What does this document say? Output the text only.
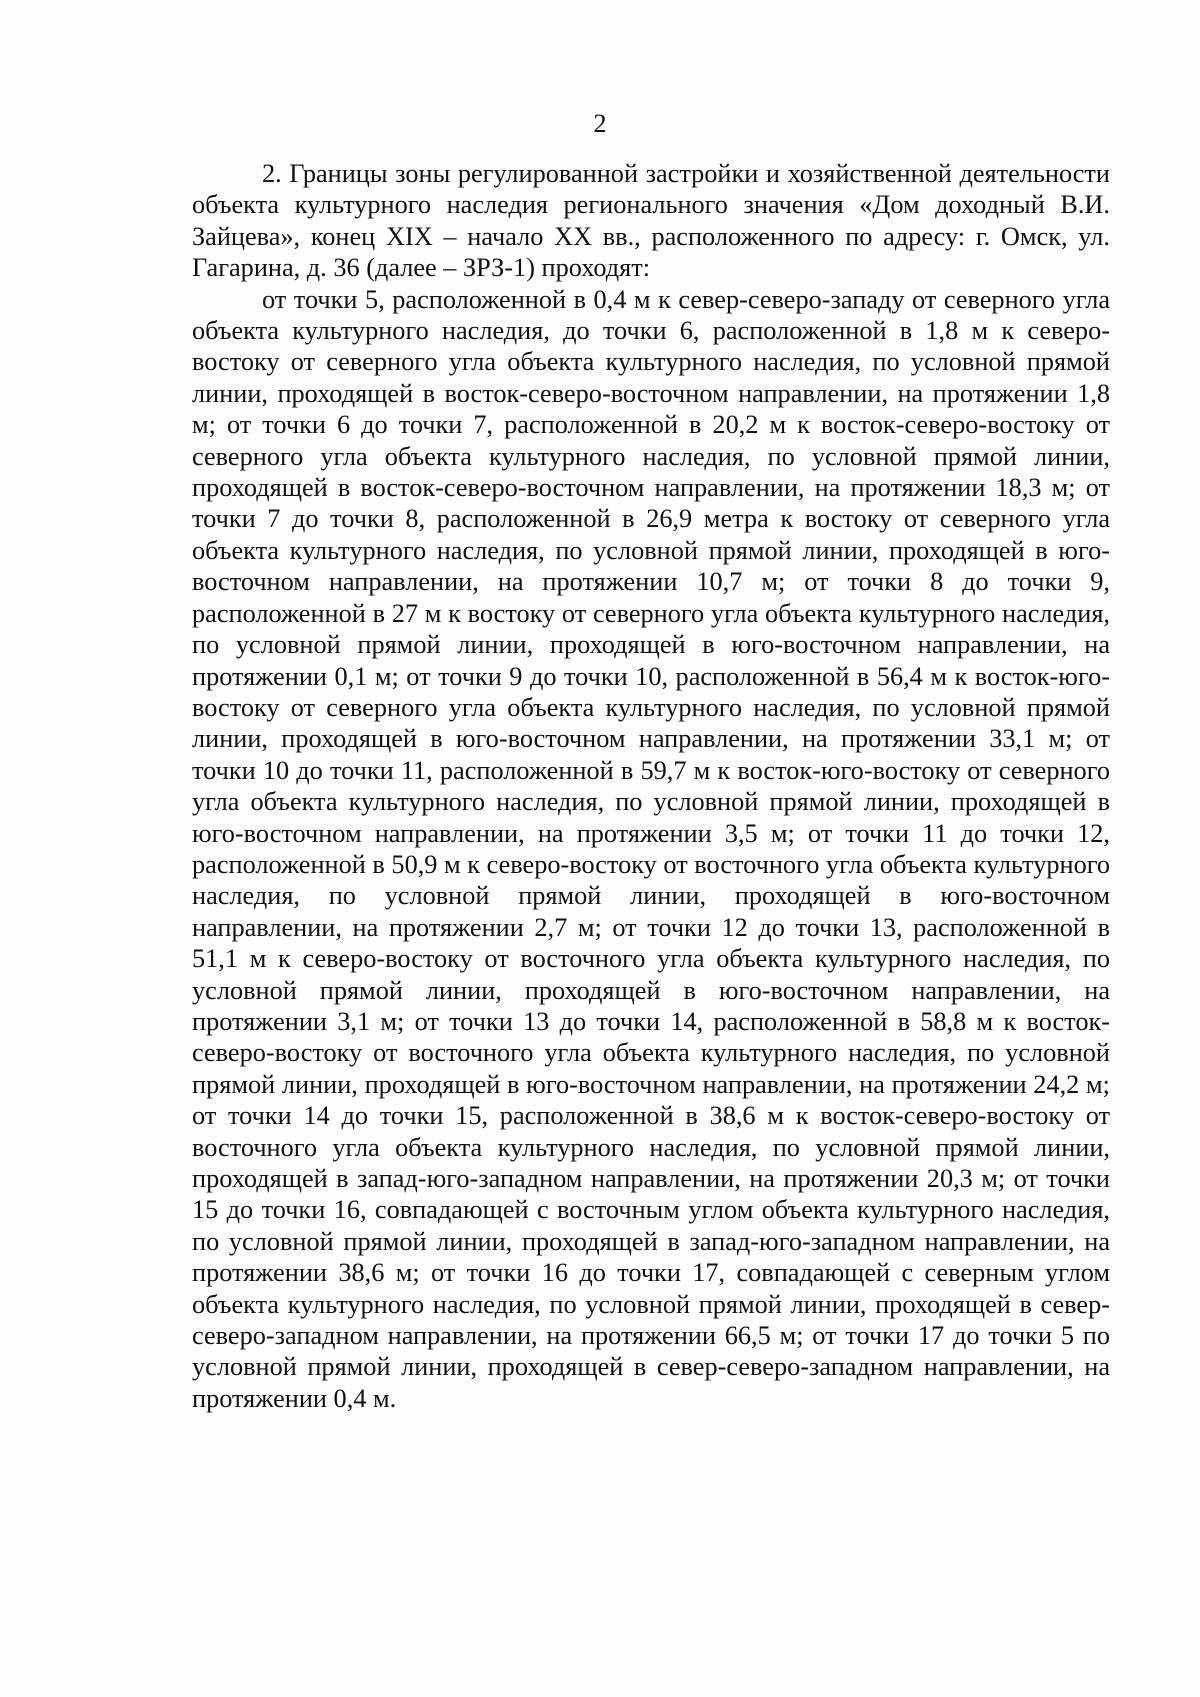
2

2. Границы зоны регулированной застройки и хозяйственной деятельности объекта культурного наследия регионального значения «Дом доходный В.И. Зайцева», конец XIX – начало XX вв., расположенного по адресу: г. Омск, ул. Гагарина, д. 36 (далее – ЗРЗ-1) проходят:

от точки 5, расположенной в 0,4 м к север-северо-западу от северного угла объекта культурного наследия, до точки 6, расположенной в 1,8 м к северо-востоку от северного угла объекта культурного наследия, по условной прямой линии, проходящей в восток-северо-восточном направлении, на протяжении 1,8 м; от точки 6 до точки 7, расположенной в 20,2 м к восток-северо-востоку от северного угла объекта культурного наследия, по условной прямой линии, проходящей в восток-северо-восточном направлении, на протяжении 18,3 м; от точки 7 до точки 8, расположенной в 26,9 метра к востоку от северного угла объекта культурного наследия, по условной прямой линии, проходящей в юго-восточном направлении, на протяжении 10,7 м; от точки 8 до точки 9, расположенной в 27 м к востоку от северного угла объекта культурного наследия, по условной прямой линии, проходящей в юго-восточном направлении, на протяжении 0,1 м; от точки 9 до точки 10, расположенной в 56,4 м к восток-юго-востоку от северного угла объекта культурного наследия, по условной прямой линии, проходящей в юго-восточном направлении, на протяжении 33,1 м; от точки 10 до точки 11, расположенной в 59,7 м к восток-юго-востоку от северного угла объекта культурного наследия, по условной прямой линии, проходящей в юго-восточном направлении, на протяжении 3,5 м; от точки 11 до точки 12, расположенной в 50,9 м к северо-востоку от восточного угла объекта культурного наследия, по условной прямой линии, проходящей в юго-восточном направлении, на протяжении 2,7 м; от точки 12 до точки 13, расположенной в 51,1 м к северо-востоку от восточного угла объекта культурного наследия, по условной прямой линии, проходящей в юго-восточном направлении, на протяжении 3,1 м; от точки 13 до точки 14, расположенной в 58,8 м к восток-северо-востоку от восточного угла объекта культурного наследия, по условной прямой линии, проходящей в юго-восточном направлении, на протяжении 24,2 м; от точки 14 до точки 15, расположенной в 38,6 м к восток-северо-востоку от восточного угла объекта культурного наследия, по условной прямой линии, проходящей в запад-юго-западном направлении, на протяжении 20,3 м; от точки 15 до точки 16, совпадающей с восточным углом объекта культурного наследия, по условной прямой линии, проходящей в запад-юго-западном направлении, на протяжении 38,6 м; от точки 16 до точки 17, совпадающей с северным углом объекта культурного наследия, по условной прямой линии, проходящей в север-северо-западном направлении, на протяжении 66,5 м; от точки 17 до точки 5 по условной прямой линии, проходящей в север-северо-западном направлении, на протяжении 0,4 м.
